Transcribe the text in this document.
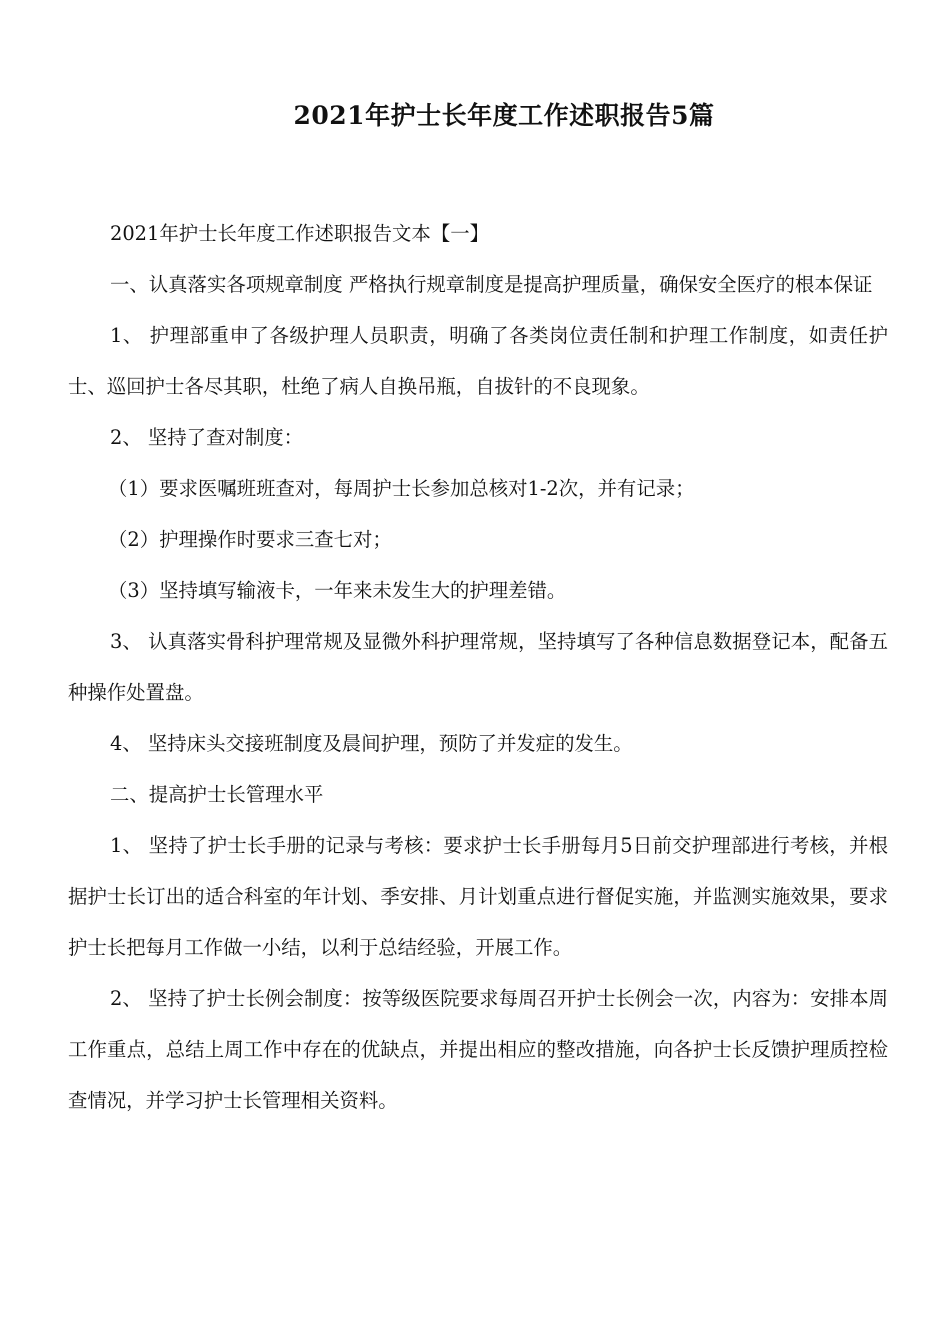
2021年护士长年度工作述职报告5篇

2021年护士长年度工作述职报告文本【一】

一、认真落实各项规章制度 严格执行规章制度是提高护理质量，确保安全医疗的根本保证

1、 护理部重申了各级护理人员职责，明确了各类岗位责任制和护理工作制度，如责任护士、巡回护士各尽其职，杜绝了病人自换吊瓶，自拔针的不良现象。

2、 坚持了查对制度：

（1）要求医嘱班班查对，每周护士长参加总核对1-2次，并有记录；

（2）护理操作时要求三查七对；

（3）坚持填写输液卡，一年来未发生大的护理差错。

3、 认真落实骨科护理常规及显微外科护理常规，坚持填写了各种信息数据登记本，配备五种操作处置盘。

4、 坚持床头交接班制度及晨间护理，预防了并发症的发生。

二、提高护士长管理水平

1、 坚持了护士长手册的记录与考核：要求护士长手册每月5日前交护理部进行考核，并根据护士长订出的适合科室的年计划、季安排、月计划重点进行督促实施，并监测实施效果，要求护士长把每月工作做一小结，以利于总结经验，开展工作。

2、 坚持了护士长例会制度：按等级医院要求每周召开护士长例会一次，内容为：安排本周工作重点，总结上周工作中存在的优缺点，并提出相应的整改措施，向各护士长反馈护理质控检查情况，并学习护士长管理相关资料。
